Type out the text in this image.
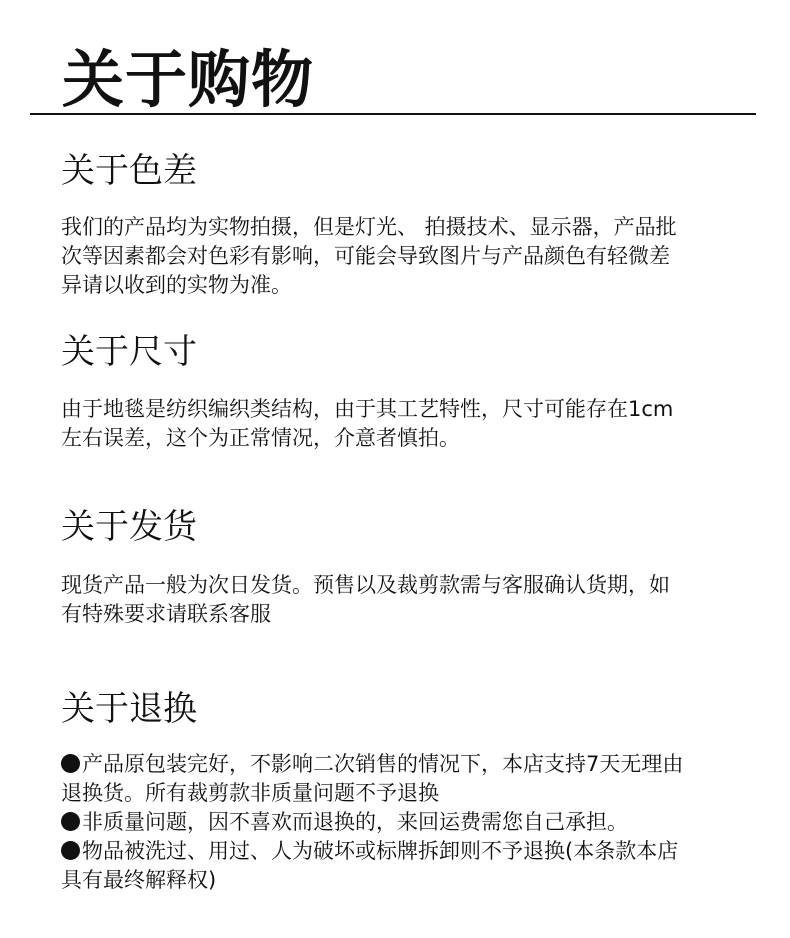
关于购物
关于色差
我们的产品均为实物拍摄，但是灯光、 拍摄技术、显示器，产品批
次等因素都会对色彩有影响，可能会导致图片与产品颜色有轻微差
异请以收到的实物为准。
关于尺寸
由于地毯是纺织编织类结构，由于其工艺特性，尺寸可能存在1cm
左右误差，这个为正常情况，介意者慎拍。
关于发货
现货产品一般为次日发货。预售以及裁剪款需与客服确认货期，如
有特殊要求请联系客服
关于退换
产品原包装完好，不影响二次销售的情况下，本店支持7天无理由
退换货。所有裁剪款非质量问题不予退换
非质量问题，因不喜欢而退换的，来回运费需您自己承担。
物品被洗过、用过、人为破坏或标牌拆卸则不予退换(本条款本店
具有最终解释权)
